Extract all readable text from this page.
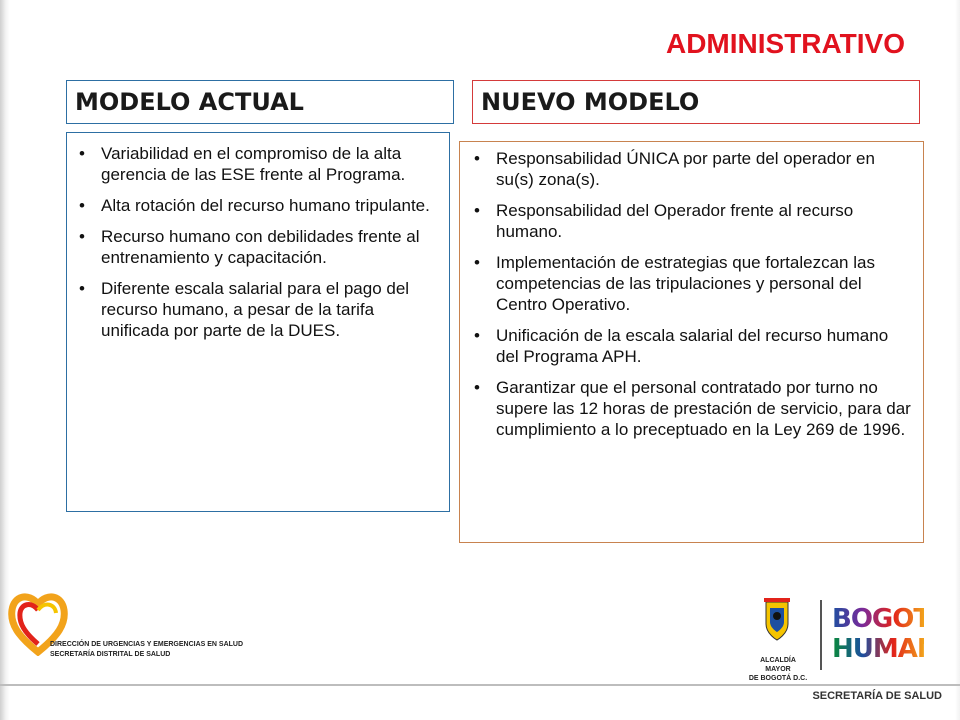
ADMINISTRATIVO
MODELO ACTUAL	NUEVO MODELO
• Variabilidad en el compromiso de la alta gerencia de las ESE frente al Programa.
• Alta rotación del recurso humano tripulante.
• Recurso humano con debilidades frente al entrenamiento y capacitación.
• Diferente escala salarial para el pago del recurso humano, a pesar de la tarifa unificada por parte de la DUES.
• Responsabilidad ÚNICA por parte del operador en su(s) zona(s).
• Responsabilidad del Operador frente al recurso humano.
• Implementación de estrategias que fortalezcan las competencias de las tripulaciones y personal del Centro Operativo.
• Unificación de la escala salarial del recurso humano del Programa APH.
• Garantizar que el personal contratado por turno no supere las 12 horas de prestación de servicio, para dar cumplimiento a lo preceptuado en la Ley 269 de 1996.
DIRECCIÓN DE URGENCIAS Y EMERGENCIAS EN SALUD
SECRETARÍA DISTRITAL DE SALUD
ALCALDÍA MAYOR
DE BOGOTÁ D.C.
BOGOTÁ
HUMANA
SECRETARÍA DE SALUD
